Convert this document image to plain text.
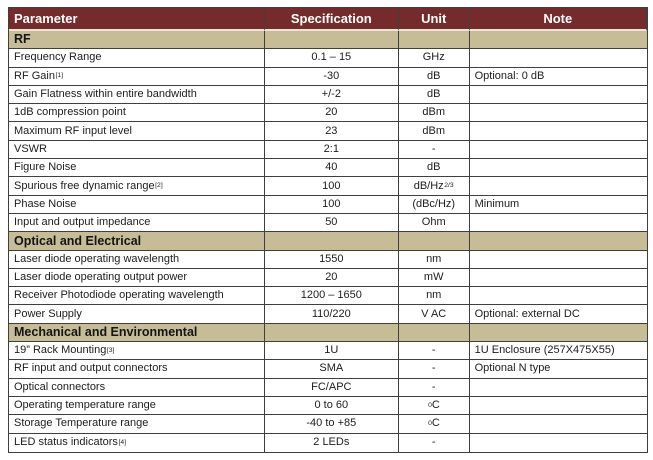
Parameter	Specification	Unit	Note
RF
Frequency Range	0.1 – 15	GHz
RF Gain [1]	-30	dB	Optional: 0 dB
Gain Flatness within entire bandwidth	+/-2	dB
1dB compression point	20	dBm
Maximum RF input level	23	dBm
VSWR	2:1	-
Figure Noise	40	dB
Spurious free dynamic range [2]	100	dB/Hz 2/3
Phase Noise	100	(dBc/Hz)	Minimum
Input and output impedance	50	Ohm
Optical and Electrical
Laser diode operating wavelength	1550	nm
Laser diode operating output power	20	mW
Receiver Photodiode operating wavelength	1200 – 1650	nm
Power Supply	110/220	V AC	Optional: external DC
Mechanical and Environmental
19” Rack Mounting [3]	1U	-	1U Enclosure (257X475X55)
RF input and output connectors	SMA	-	Optional N type
Optical connectors	FC/APC	-
Operating temperature range	0 to 60	0 C
Storage Temperature range	-40 to +85	0 C
LED status indicators [4]	2 LEDs	-
